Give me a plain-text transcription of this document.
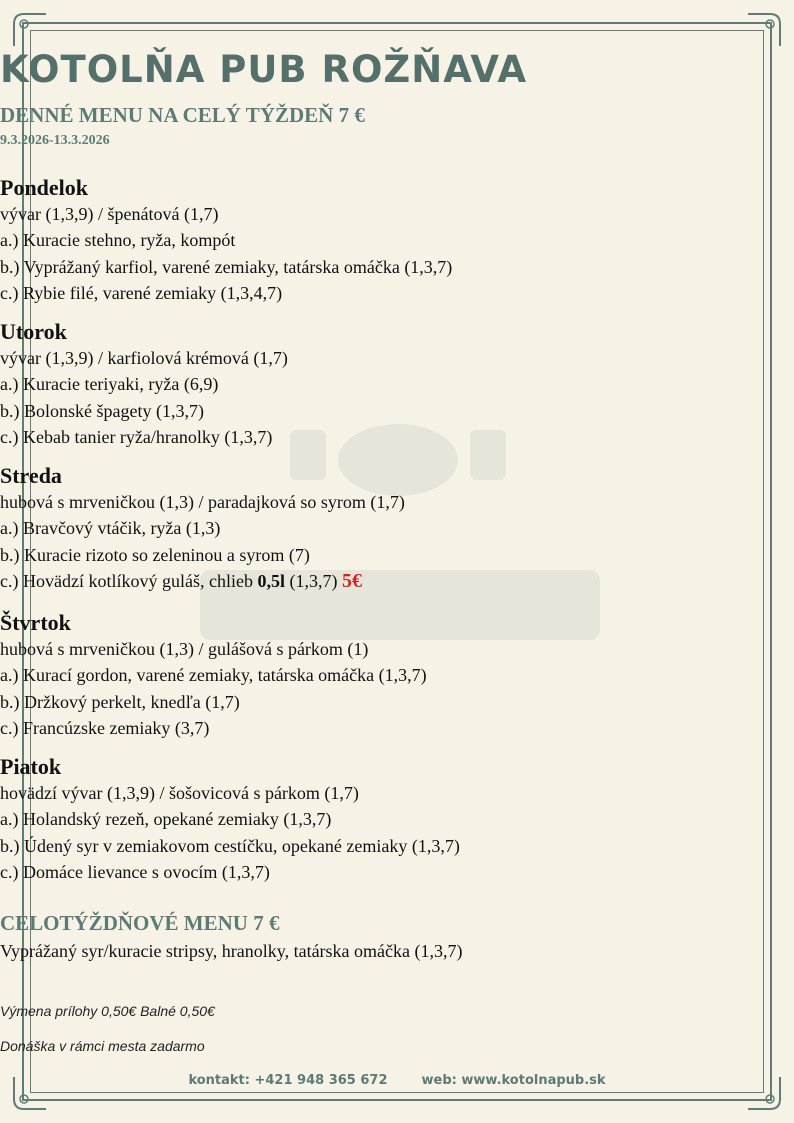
KOTOLŇA PUB ROŽŇAVA
DENNÉ MENU NA CELÝ TÝŽDEŇ 7 €
9.3.2026-13.3.2026
Pondelok
vývar (1,3,9) / špenátová (1,7)
a.) Kuracie stehno, ryža, kompót
b.) Vyprážaný karfiol, varené zemiaky, tatárska omáčka (1,3,7)
c.) Rybie filé, varené zemiaky (1,3,4,7)
Utorok
vývar (1,3,9) / karfiolová krémová (1,7)
a.) Kuracie teriyaki, ryža (6,9)
b.) Bolonské špagety (1,3,7)
c.) Kebab tanier ryža/hranolky (1,3,7)
Streda
hubová s mrveničkou (1,3) / paradajková so syrom (1,7)
a.) Bravčový vtáčik, ryža (1,3)
b.) Kuracie rizoto so zeleninou a syrom (7)
c.) Hovädzí kotlíkový guláš, chlieb 0,5l (1,3,7) 5€
Štvrtok
hubová s mrveničkou (1,3) / gulášová s párkom (1)
a.) Kurací gordon, varené zemiaky, tatárska omáčka (1,3,7)
b.) Držkový perkelt, knedľa (1,7)
c.) Francúzske zemiaky (3,7)
Piatok
hovädzí vývar (1,3,9) / šošovicová s párkom (1,7)
a.) Holandský rezeň, opekané zemiaky (1,3,7)
b.) Údený syr v zemiakovom cestíčku, opekané zemiaky (1,3,7)
c.) Domáce lievance s ovocím (1,3,7)
CELOTÝŽDŇOVÉ MENU 7 €
Vyprážaný syr/kuracie stripsy, hranolky, tatárska omáčka (1,3,7)
Výmena prílohy 0,50€ Balné 0,50€
Donáška v rámci mesta zadarmo
kontakt: +421 948 365 672	web: www.kotolnapub.sk
